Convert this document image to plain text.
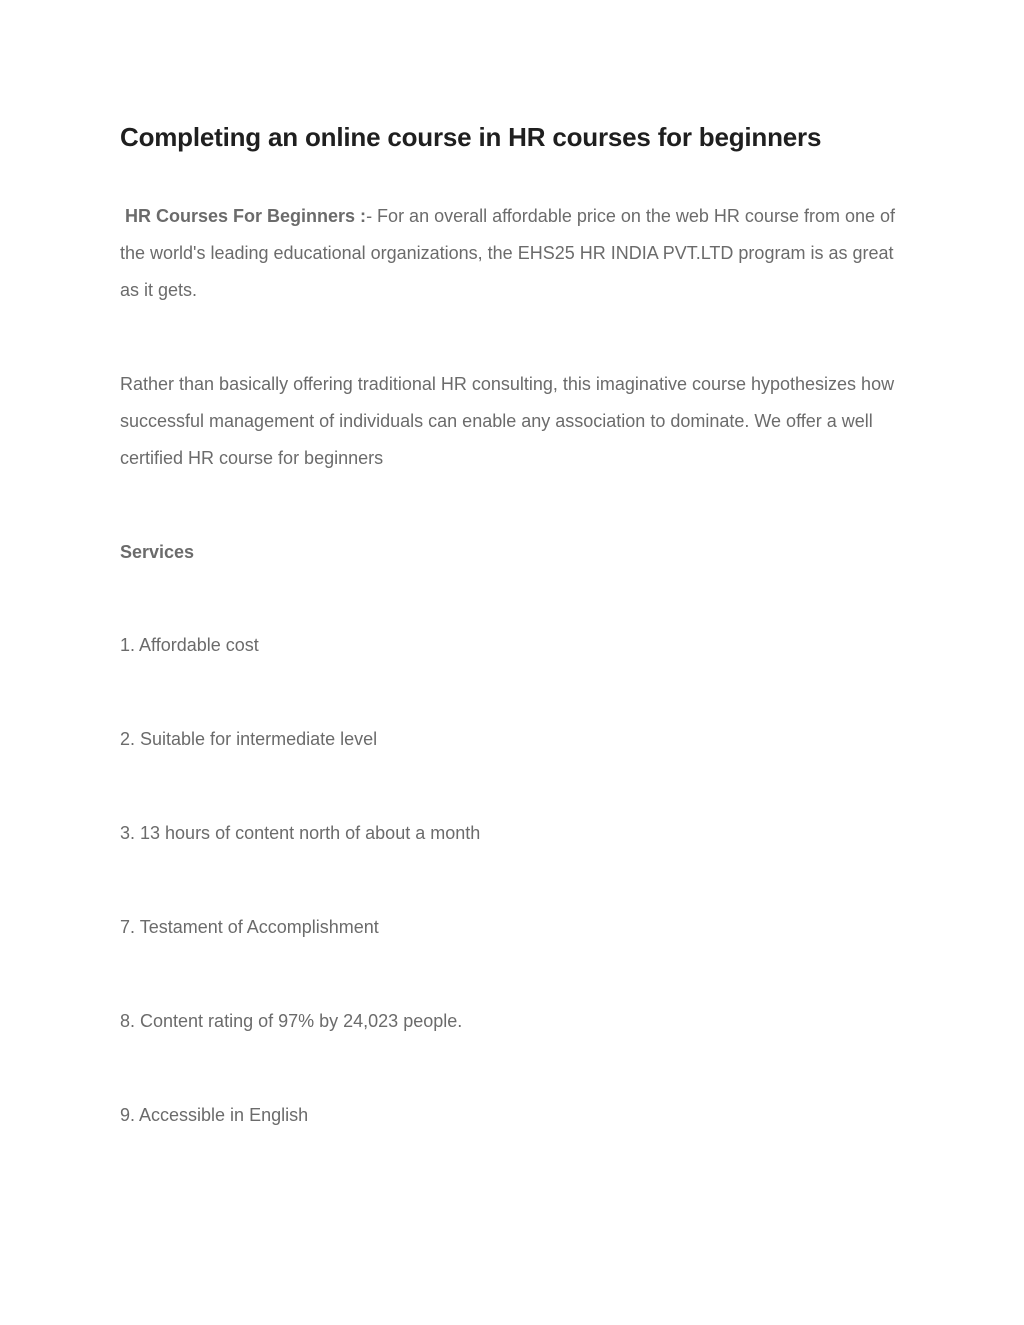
Completing an online course in HR courses for beginners

HR Courses For Beginners :- For an overall affordable price on the web HR course from one of the world's leading educational organizations, the EHS25 HR INDIA PVT.LTD program is as great as it gets.

Rather than basically offering traditional HR consulting, this imaginative course hypothesizes how successful management of individuals can enable any association to dominate. We offer a well certified HR course for beginners

Services

1. Affordable cost

2. Suitable for intermediate level

3. 13 hours of content north of about a month

7. Testament of Accomplishment

8. Content rating of 97% by 24,023 people.

9. Accessible in English
